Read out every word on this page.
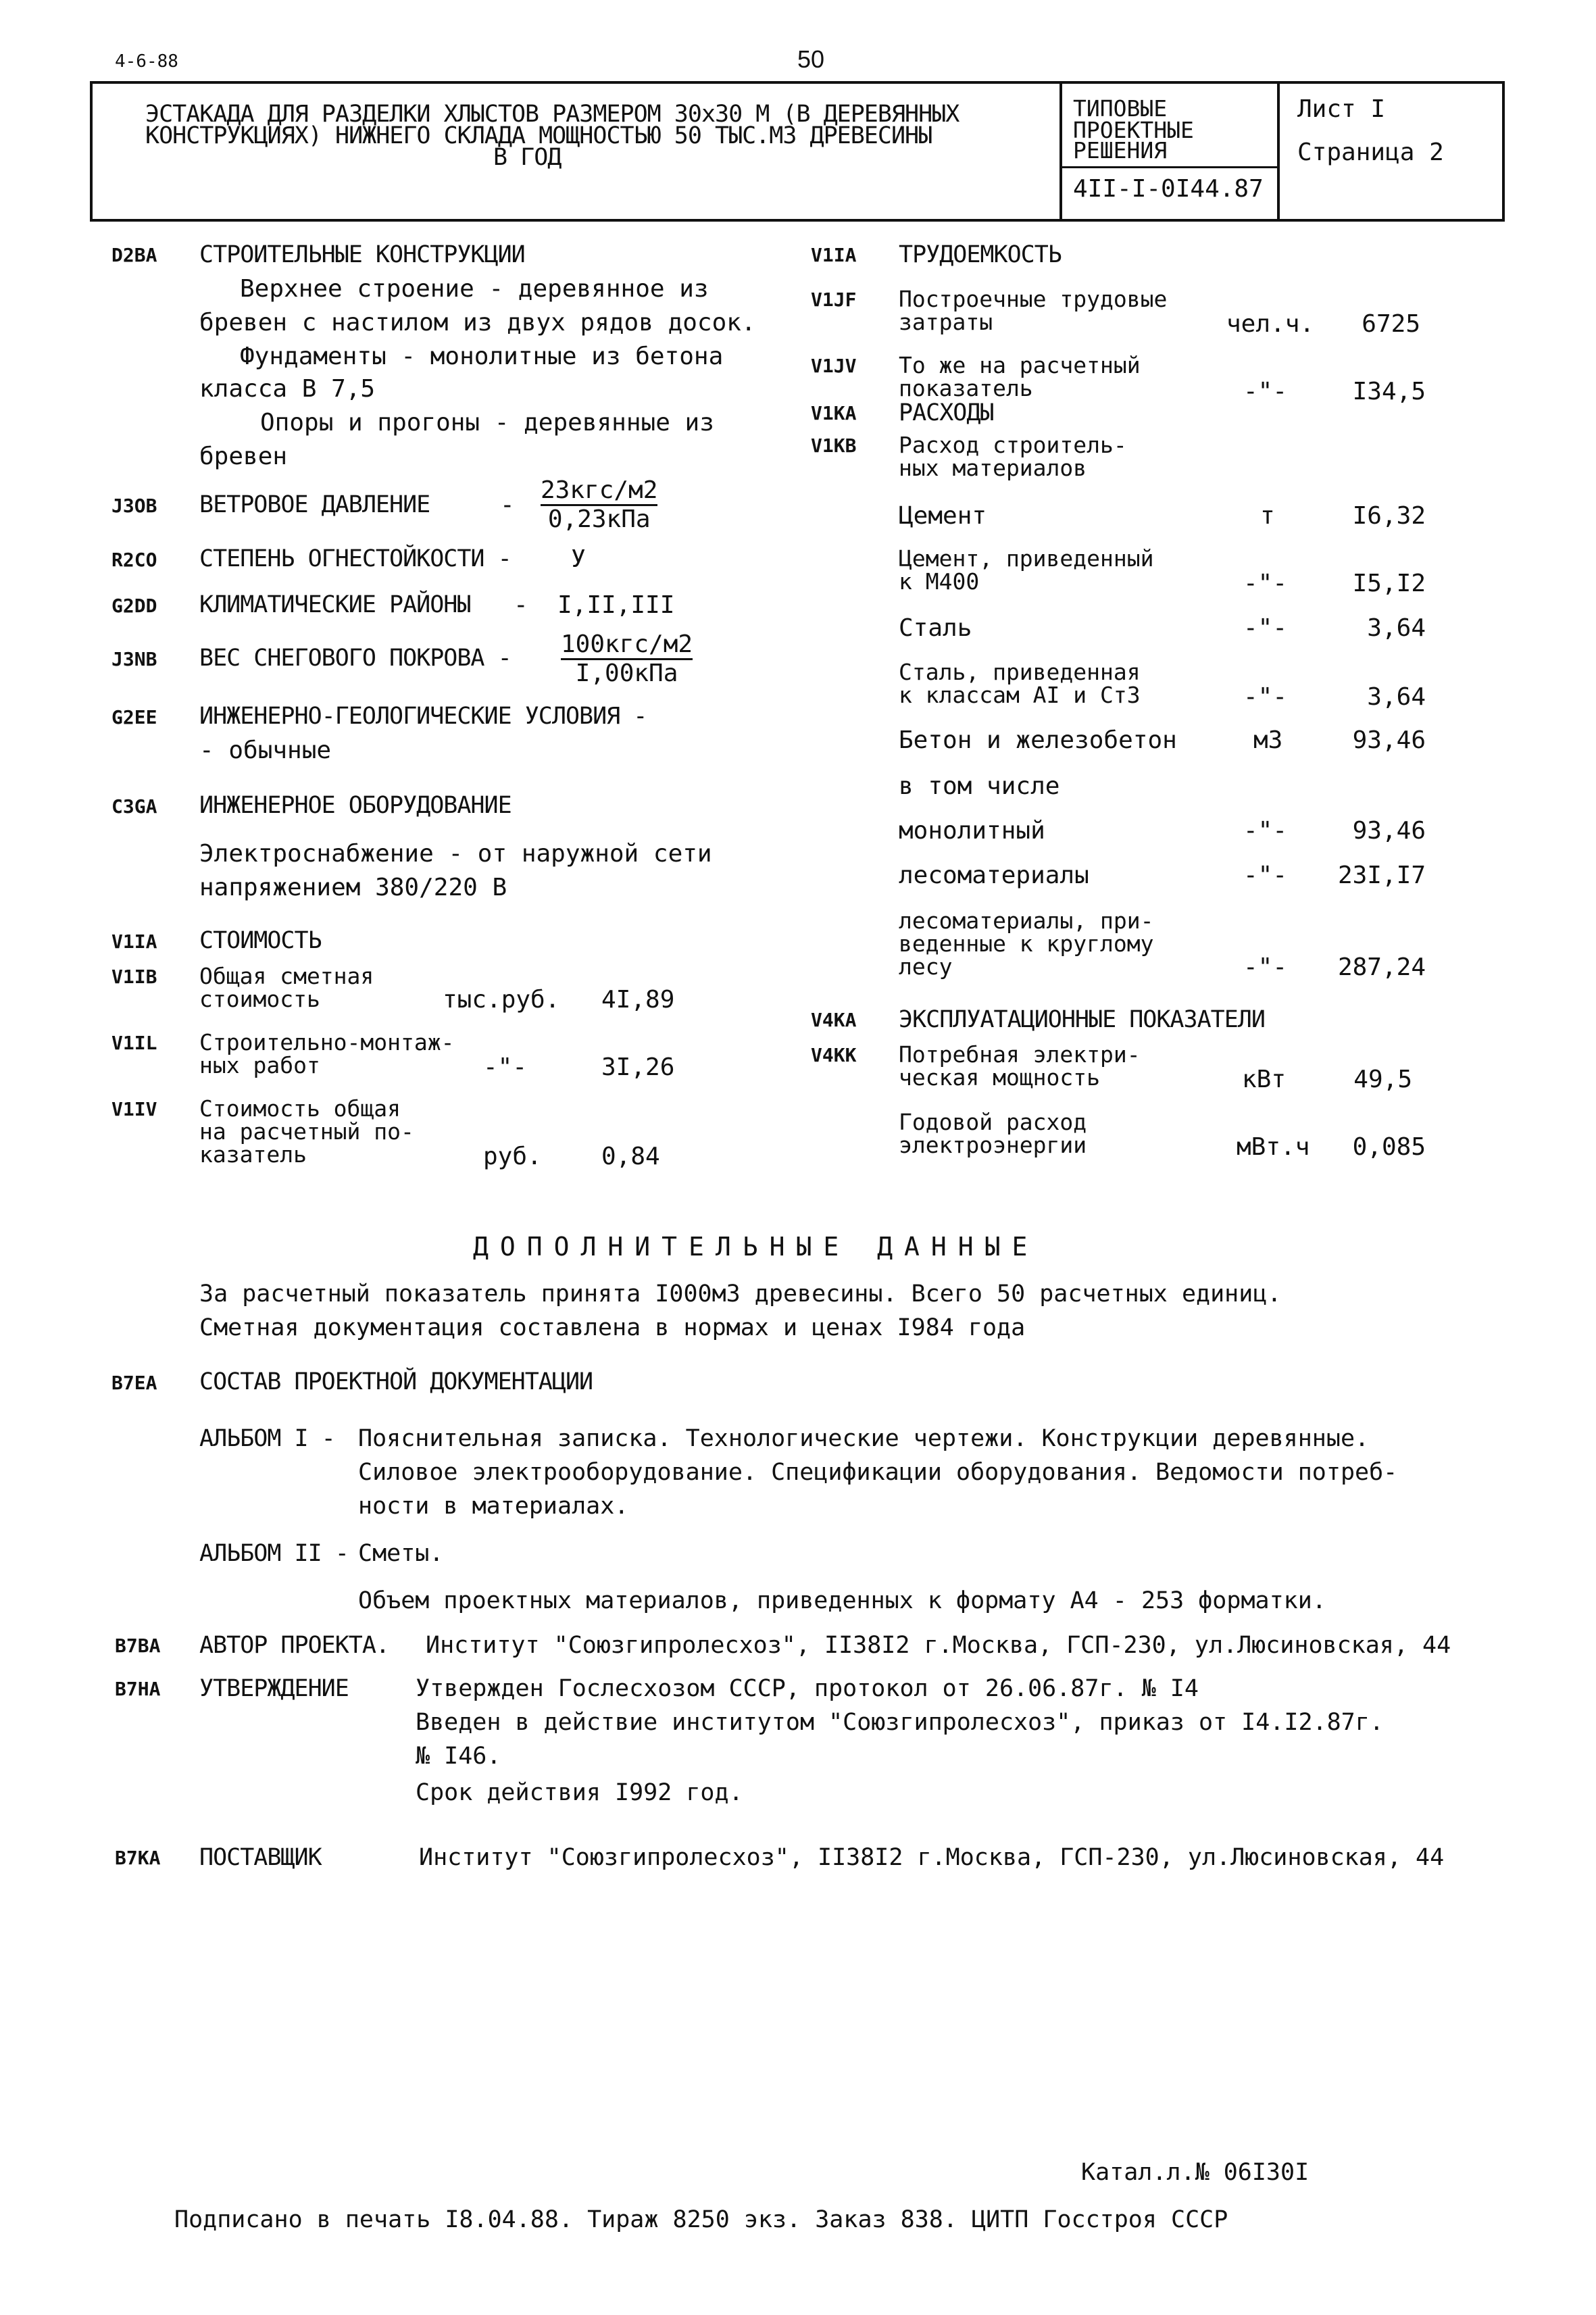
4-6-88	50
ЭСТАКАДА ДЛЯ РАЗДЕЛКИ ХЛЫСТОВ РАЗМЕРОМ 30х30 М (В ДЕРЕВЯННЫХ
КОНСТРУКЦИЯХ) НИЖНЕГО СКЛАДА МОЩНОСТЬЮ 50 ТЫС.М3 ДРЕВЕСИНЫ
В ГОД
ТИПОВЫЕ
ПРОЕКТНЫЕ
РЕШЕНИЯ
4II-I-0I44.87
Лист I
Страница 2
D2BA СТРОИТЕЛЬНЫЕ КОНСТРУКЦИИ
Верхнее строение - деревянное из
бревен с настилом из двух рядов досок.
Фундаменты - монолитные из бетона
класса В 7,5
Опоры и прогоны - деревянные из
бревен
J3OB ВЕТРОВОЕ ДАВЛЕНИЕ	-
23кгс/м2
0,23кПа
R2CO СТЕПЕНЬ ОГНЕСТОЙКОСТИ - У
G2DD КЛИМАТИЧЕСКИЕ РАЙОНЫ - I,II,III
J3NB ВЕС СНЕГОВОГО ПОКРОВА - 100кгс/м2
I,00кПа
G2EE ИНЖЕНЕРНО-ГЕОЛОГИЧЕСКИЕ УСЛОВИЯ -
- обычные
C3GA ИНЖЕНЕРНОЕ ОБОРУДОВАНИЕ
Электроснабжение - от наружной сети
напряжением 380/220 В
V1IA СТОИМОСТЬ
V1IB Общая сметная
стоимость	тыс.руб. 4I,89
V1IL Строительно-монтаж-
ных работ	-"-	3I,26
V1IV Стоимость общая
на расчетный по-
казатель	руб. 0,84
V1IA ТРУДОЕМКОСТЬ
V1JF Построечные трудовые
затраты	чел.ч.	6725
V1JV То же на расчетный
показатель	-"-	I34,5
V1KA РАСХОДЫ
V1KB Расход строитель-
ных материалов
Цемент	т	I6,32
Цемент, приведенный
к М400	-"-	I5,I2
Сталь	-"-	3,64
Сталь, приведенная
к классам AI и Ст3	-"-	3,64
Бетон и железобетон	м3	93,46
в том числе
монолитный	-"-	93,46
лесоматериалы	-"-	23I,I7
лесоматериалы, при-
веденные к круглому
лесу	-"-	287,24
V4KA ЭКСПЛУАТАЦИОННЫЕ ПОКАЗАТЕЛИ
V4KK Потребная электри-
ческая мощность	кВт	49,5
Годовой расход
электроэнергии	мВт.ч	0,085
ДОПОЛНИТЕЛЬНЫЕ ДАННЫЕ
За расчетный показатель принята I000м3 древесины. Всего 50 расчетных единиц.
Сметная документация составлена в нормах и ценах I984 года
B7EA СОСТАВ ПРОЕКТНОЙ ДОКУМЕНТАЦИИ
АЛЬБОМ I - Пояснительная записка. Технологические чертежи. Конструкции деревянные.
Силовое электрооборудование. Спецификации оборудования. Ведомости потреб-
ности в материалах.
АЛЬБОМ II - Сметы.
Объем проектных материалов, приведенных к формату А4 - 253 форматки.
B7BA АВТОР ПРОЕКТА. Институт "Союзгипролесхоз", II38I2 г.Москва, ГСП-230, ул.Люсиновская, 44
B7HA УТВЕРЖДЕНИЕ	Утвержден Гослесхозом СССР, протокол от 26.06.87г. № I4
Введен в действие институтом "Союзгипролесхоз", приказ от I4.I2.87г.
№ I46.
Срок действия I992 год.
B7KA ПОСТАВЩИК	Институт "Союзгипролесхоз", II38I2 г.Москва, ГСП-230, ул.Люсиновская, 44
Катал.л.№ 06I30I
Подписано в печать I8.04.88. Тираж 8250 экз. Заказ 838. ЦИТП Госстроя СССР
